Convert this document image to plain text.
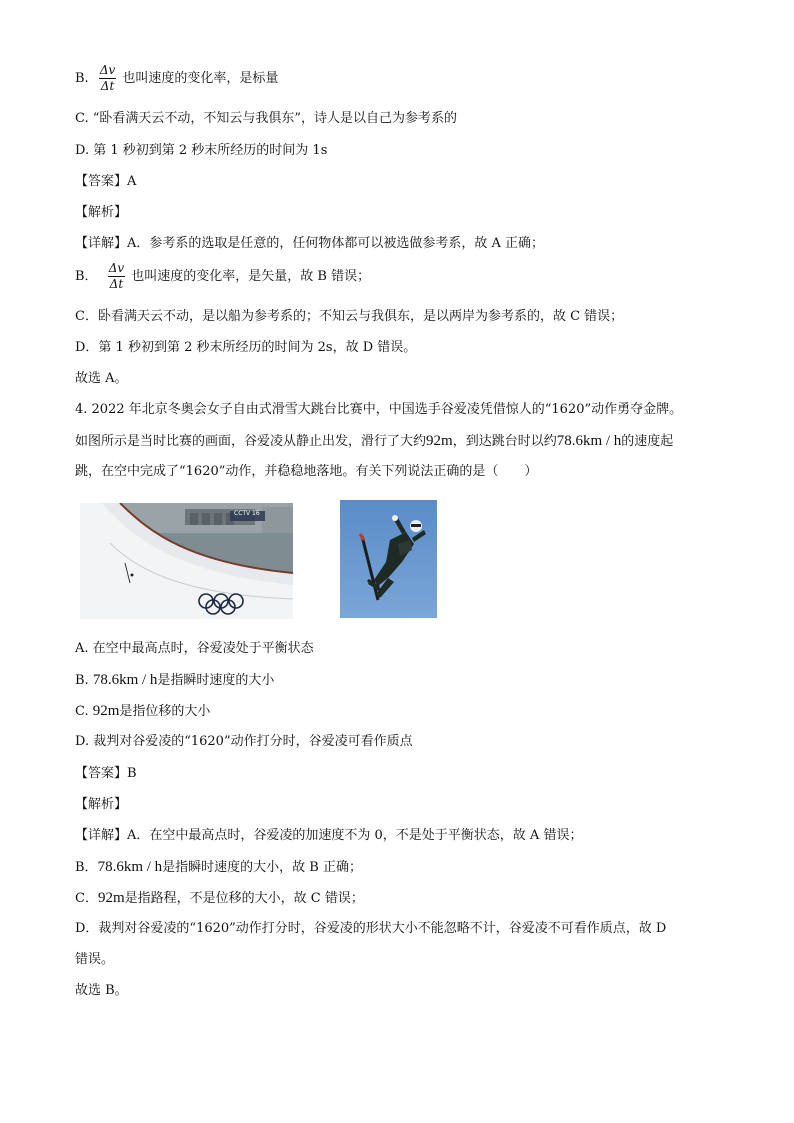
B. $\frac{\Delta v}{\Delta t}$ 也叫速度的变化率，是标量
C. “卧看满天云不动，不知云与我俱东”，诗人是以自己为参考系的
D. 第 1 秒初到第 2 秒末所经历的时间为 1s
【答案】A
【解析】
【详解】A．参考系的选取是任意的，任何物体都可以被选做参考系，故 A 正确；
B． $\frac{\Delta v}{\Delta t}$ 也叫速度的变化率，是矢量，故 B 错误；
C．卧看满天云不动，是以船为参考系的；不知云与我俱东，是以两岸为参考系的，故 C 错误；
D．第 1 秒初到第 2 秒末所经历的时间为 2s，故 D 错误。
故选 A。
4. 2022 年北京冬奥会女子自由式滑雪大跳台比赛中，中国选手谷爱凌凭借惊人的“1620”动作勇夺金牌。
如图所示是当时比赛的画面，谷爱凌从静止出发，滑行了大约92m，到达跳台时以约78.6km / h的速度起
跳，在空中完成了“1620”动作，并稳稳地落地。有关下列说法正确的是（　　）
CCTV 16
A. 在空中最高点时，谷爱凌处于平衡状态
B. 78.6km / h是指瞬时速度的大小
C. 92m是指位移的大小
D. 裁判对谷爱凌的“1620”动作打分时，谷爱凌可看作质点
【答案】B
【解析】
【详解】A．在空中最高点时，谷爱凌的加速度不为 0，不是处于平衡状态，故 A 错误；
B．78.6km / h是指瞬时速度的大小，故 B 正确；
C．92m是指路程，不是位移的大小，故 C 错误；
D．裁判对谷爱凌的“1620”动作打分时，谷爱凌的形状大小不能忽略不计，谷爱凌不可看作质点，故 D
错误。
故选 B。
